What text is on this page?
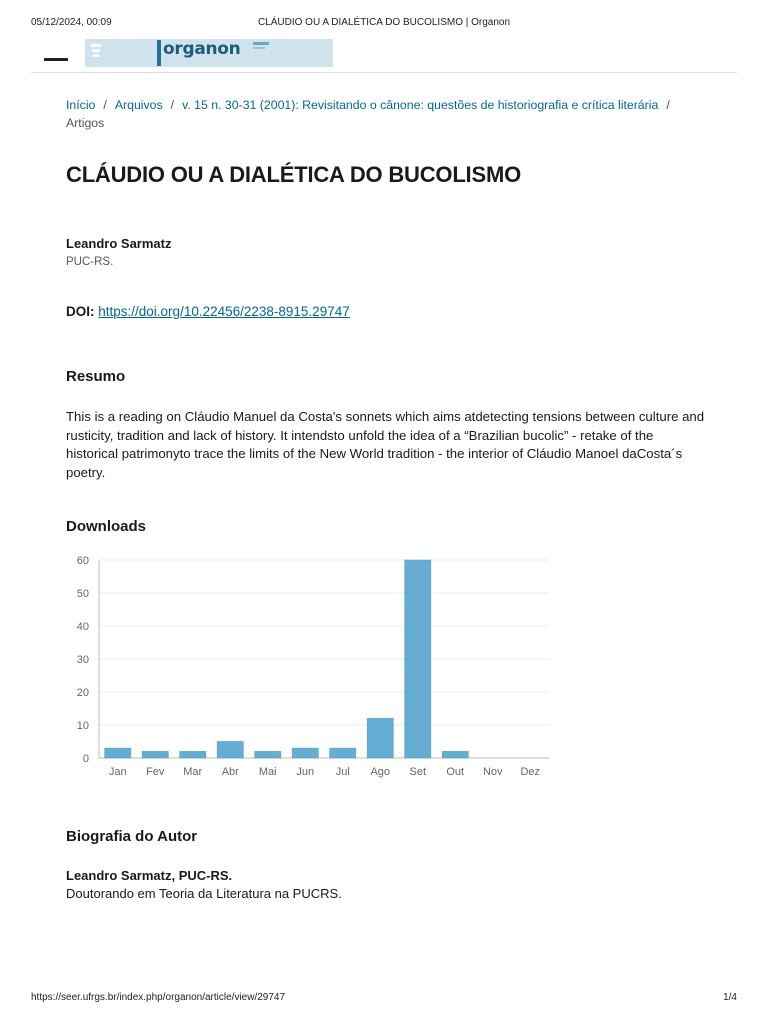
05/12/2024, 00:09	CLÁUDIO OU A DIALÉTICA DO BUCOLISMO | Organon
organon
Início / Arquivos / v. 15 n. 30-31 (2001): Revisitando o cânone: questões de historiografia e crítica literária /
Artigos
CLÁUDIO OU A DIALÉTICA DO BUCOLISMO
Leandro Sarmatz
PUC-RS.
DOI: https://doi.org/10.22456/2238-8915.29747
Resumo
This is a reading on Cláudio Manuel da Costa's sonnets which aims atdetecting tensions between culture and rusticity, tradition and lack of history. It intendsto unfold the idea of a “Brazilian bucolic” - retake of the historical patrimonyto trace the limits of the New World tradition - the interior of Cláudio Manoel daCosta´s poetry.
Downloads
Biografia do Autor
Leandro Sarmatz, PUC-RS.
Doutorando em Teoria da Literatura na PUCRS.
0
10
20
30
40
50
60
Jan Fev Mar Abr Mai Jun Jul Ago Set Out Nov Dez
https://seer.ufrgs.br/index.php/organon/article/view/29747	1/4
